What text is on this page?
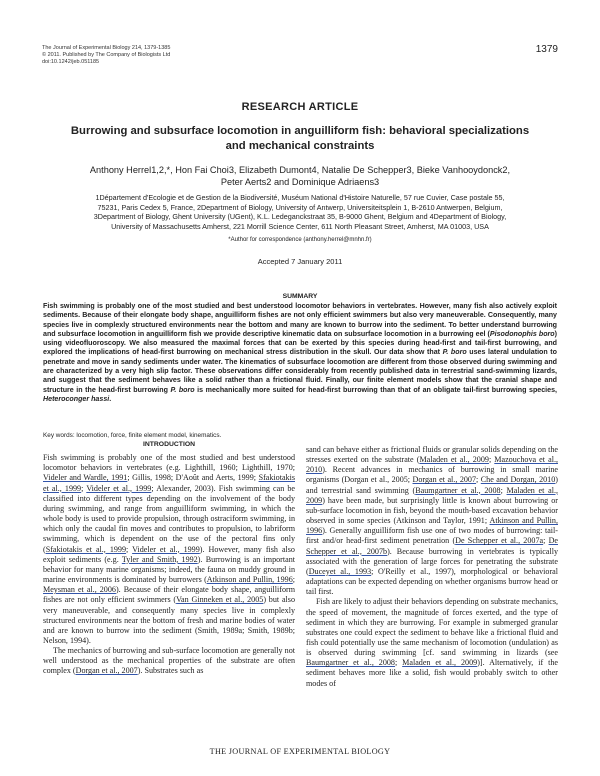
The Journal of Experimental Biology 214, 1379-1385
© 2011. Published by The Company of Biologists Ltd
doi:10.1242/jeb.051185
1379
RESEARCH ARTICLE
Burrowing and subsurface locomotion in anguilliform fish: behavioral specializations
and mechanical constraints
Anthony Herrel1,2,*, Hon Fai Choi3, Elizabeth Dumont4, Natalie De Schepper3, Bieke Vanhooydonck2,
Peter Aerts2 and Dominique Adriaens3
1Département d'Ecologie et de Gestion de la Biodiversité, Muséum National d'Histoire Naturelle, 57 rue Cuvier, Case postale 55,
75231, Paris Cedex 5, France, 2Department of Biology, University of Antwerp, Universiteitsplein 1, B-2610 Antwerpen, Belgium,
3Department of Biology, Ghent University (UGent), K.L. Ledeganckstraat 35, B-9000 Ghent, Belgium and 4Department of Biology,
University of Massachusetts Amherst, 221 Morrill Science Center, 611 North Pleasant Street, Amherst, MA 01003, USA
*Author for correspondence (anthony.herrel@mnhn.fr)
Accepted 7 January 2011
SUMMARY
Fish swimming is probably one of the most studied and best understood locomotor behaviors in vertebrates. However, many fish also actively exploit sediments. Because of their elongate body shape, anguilliform fishes are not only efficient swimmers but also very maneuverable. Consequently, many species live in complexly structured environments near the bottom and many are known to burrow into the sediment. To better understand burrowing and subsurface locomotion in anguilliform fish we provide descriptive kinematic data on subsurface locomotion in a burrowing eel (Pisodonophis boro) using videofluoroscopy. We also measured the maximal forces that can be exerted by this species during head-first and tail-first burrowing, and explored the implications of head-first burrowing on mechanical stress distribution in the skull. Our data show that P. boro uses lateral undulation to penetrate and move in sandy sediments under water. The kinematics of subsurface locomotion are different from those observed during swimming and are characterized by a very high slip factor. These observations differ considerably from recently published data in terrestrial sand-swimming lizards, and suggest that the sediment behaves like a solid rather than a frictional fluid. Finally, our finite element models show that the cranial shape and structure in the head-first burrowing P. boro is mechanically more suited for head-first burrowing than that of an obligate tail-first burrowing species, Heteroconger hassi.
Key words: locomotion, force, finite element model, kinematics.

INTRODUCTION

Fish swimming is probably one of the most studied and best understood locomotor behaviors in vertebrates (e.g. Lighthill, 1960; Lighthill, 1970; Videler and Wardle, 1991; Gillis, 1998; D'Août and Aerts, 1999; Sfakiotakis et al., 1999; Videler et al., 1999; Alexander, 2003). Fish swimming can be classified into different types depending on the involvement of the body during swimming, and range from anguilliform swimming, in which the whole body is used to provide propulsion, through ostraciform swimming, in which only the caudal fin moves and contributes to propulsion, to labriform swimming, which is dependent on the use of the pectoral fins only (Sfakiotakis et al., 1999; Videler et al., 1999). However, many fish also exploit sediments (e.g. Tyler and Smith, 1992). Burrowing is an important behavior for many marine organisms; indeed, the fauna on muddy ground in marine environments is dominated by burrowers (Atkinson and Pullin, 1996; Meysman et al., 2006). Because of their elongate body shape, anguilliform fishes are not only efficient swimmers (Van Ginneken et al., 2005) but also very maneuverable, and consequently many species live in complexly structured environments near the bottom of fresh and marine bodies of water and are known to burrow into the sediment (Smith, 1989a; Smith, 1989b; Nelson, 1994).

The mechanics of burrowing and sub-surface locomotion are generally not well understood as the mechanical properties of the substrate are often complex (Dorgan et al., 2007). Substrates such as

sand can behave either as frictional fluids or granular solids depending on the stresses exerted on the substrate (Maladen et al., 2009; Mazouchova et al., 2010). Recent advances in mechanics of burrowing in small marine organisms (Dorgan et al., 2005; Dorgan et al., 2007; Che and Dorgan, 2010) and terrestrial sand swimming (Baumgartner et al., 2008; Maladen et al., 2009) have been made, but surprisingly little is known about burrowing or sub-surface locomotion in fish, beyond the mouth-based excavation behavior observed in some species (Atkinson and Taylor, 1991; Atkinson and Pullin, 1996). Generally anguilliform fish use one of two modes of burrowing: tail-first and/or head-first sediment penetration (De Schepper et al., 2007a; De Schepper et al., 2007b). Because burrowing in vertebrates is typically associated with the generation of large forces for penetrating the substrate (Duceyet al., 1993; O'Reilly et al., 1997), morphological or behavioral adaptations can be expected depending on whether organisms burrow head or tail first.

Fish are likely to adjust their behaviors depending on substrate mechanics, the speed of movement, the magnitude of forces exerted, and the type of sediment in which they are burrowing. For example in submerged granular substrates one could expect the sediment to behave like a frictional fluid and fish could potentially use the same mechanism of locomotion (undulation) as is observed during swimming [cf. sand swimming in lizards (see Baumgartner et al., 2008; Maladen et al., 2009)]. Alternatively, if the sediment behaves more like a solid, fish would probably switch to other modes of

THE JOURNAL OF EXPERIMENTAL BIOLOGY
